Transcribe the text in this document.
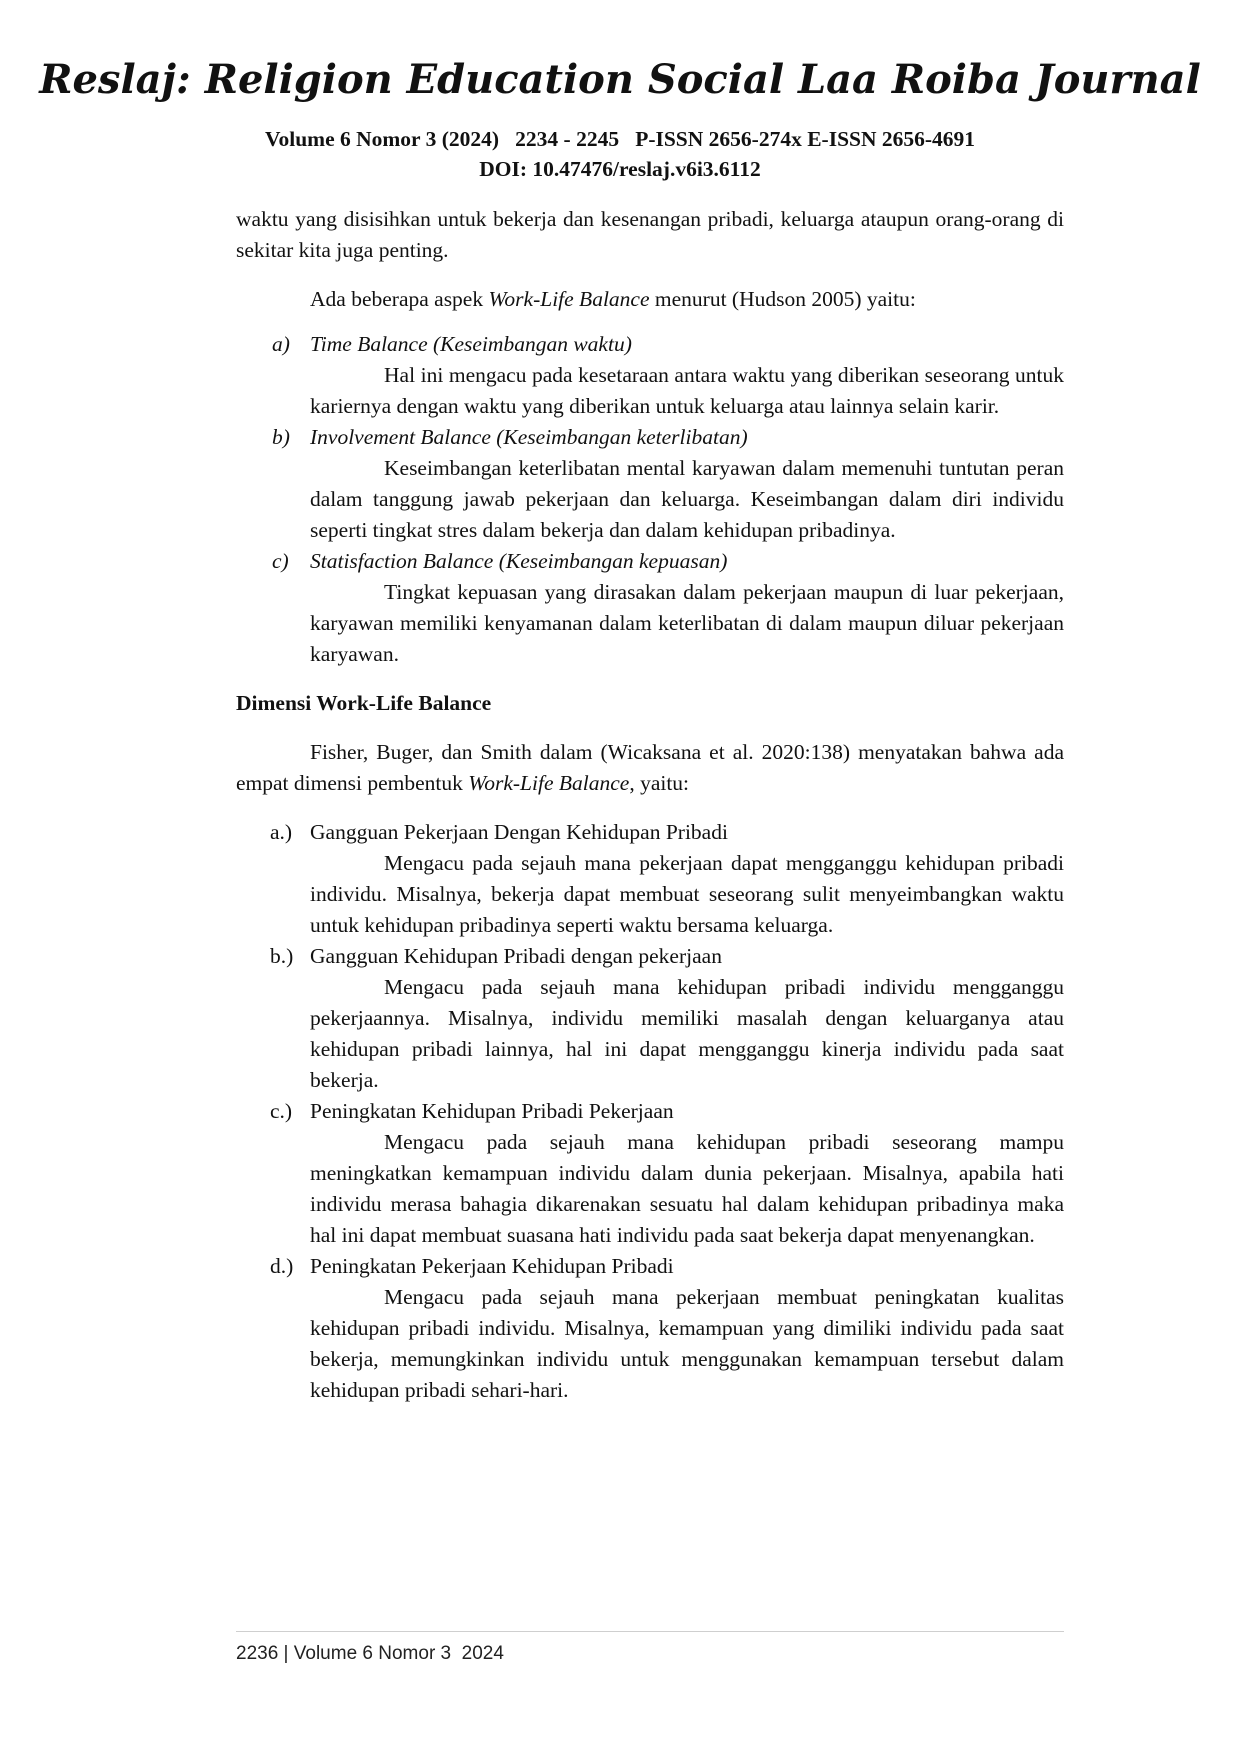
Reslaj: Religion Education Social Laa Roiba Journal
Volume 6 Nomor 3 (2024)   2234 - 2245   P-ISSN 2656-274x E-ISSN 2656-4691
DOI: 10.47476/reslaj.v6i3.6112

waktu yang disisihkan untuk bekerja dan kesenangan pribadi, keluarga ataupun orang-orang di sekitar kita juga penting.

Ada beberapa aspek Work-Life Balance menurut (Hudson 2005) yaitu:

a) Time Balance (Keseimbangan waktu)

Hal ini mengacu pada kesetaraan antara waktu yang diberikan seseorang untuk kariernya dengan waktu yang diberikan untuk keluarga atau lainnya selain karir.

b) Involvement Balance (Keseimbangan keterlibatan)

Keseimbangan keterlibatan mental karyawan dalam memenuhi tuntutan peran dalam tanggung jawab pekerjaan dan keluarga. Keseimbangan dalam diri individu seperti tingkat stres dalam bekerja dan dalam kehidupan pribadinya.

c) Statisfaction Balance (Keseimbangan kepuasan)

Tingkat kepuasan yang dirasakan dalam pekerjaan maupun di luar pekerjaan, karyawan memiliki kenyamanan dalam keterlibatan di dalam maupun diluar pekerjaan karyawan.

Dimensi Work-Life Balance

Fisher, Buger, dan Smith dalam (Wicaksana et al. 2020:138) menyatakan bahwa ada empat dimensi pembentuk Work-Life Balance, yaitu:

a.) Gangguan Pekerjaan Dengan Kehidupan Pribadi

Mengacu pada sejauh mana pekerjaan dapat mengganggu kehidupan pribadi individu. Misalnya, bekerja dapat membuat seseorang sulit menyeimbangkan waktu untuk kehidupan pribadinya seperti waktu bersama keluarga.

b.) Gangguan Kehidupan Pribadi dengan pekerjaan

Mengacu pada sejauh mana kehidupan pribadi individu mengganggu pekerjaannya. Misalnya, individu memiliki masalah dengan keluarganya atau kehidupan pribadi lainnya, hal ini dapat mengganggu kinerja individu pada saat bekerja.

c.) Peningkatan Kehidupan Pribadi Pekerjaan

Mengacu pada sejauh mana kehidupan pribadi seseorang mampu meningkatkan kemampuan individu dalam dunia pekerjaan. Misalnya, apabila hati individu merasa bahagia dikarenakan sesuatu hal dalam kehidupan pribadinya maka hal ini dapat membuat suasana hati individu pada saat bekerja dapat menyenangkan.

d.) Peningkatan Pekerjaan Kehidupan Pribadi

Mengacu pada sejauh mana pekerjaan membuat peningkatan kualitas kehidupan pribadi individu. Misalnya, kemampuan yang dimiliki individu pada saat bekerja, memungkinkan individu untuk menggunakan kemampuan tersebut dalam kehidupan pribadi sehari-hari.

2236 | Volume 6 Nomor 3  2024
